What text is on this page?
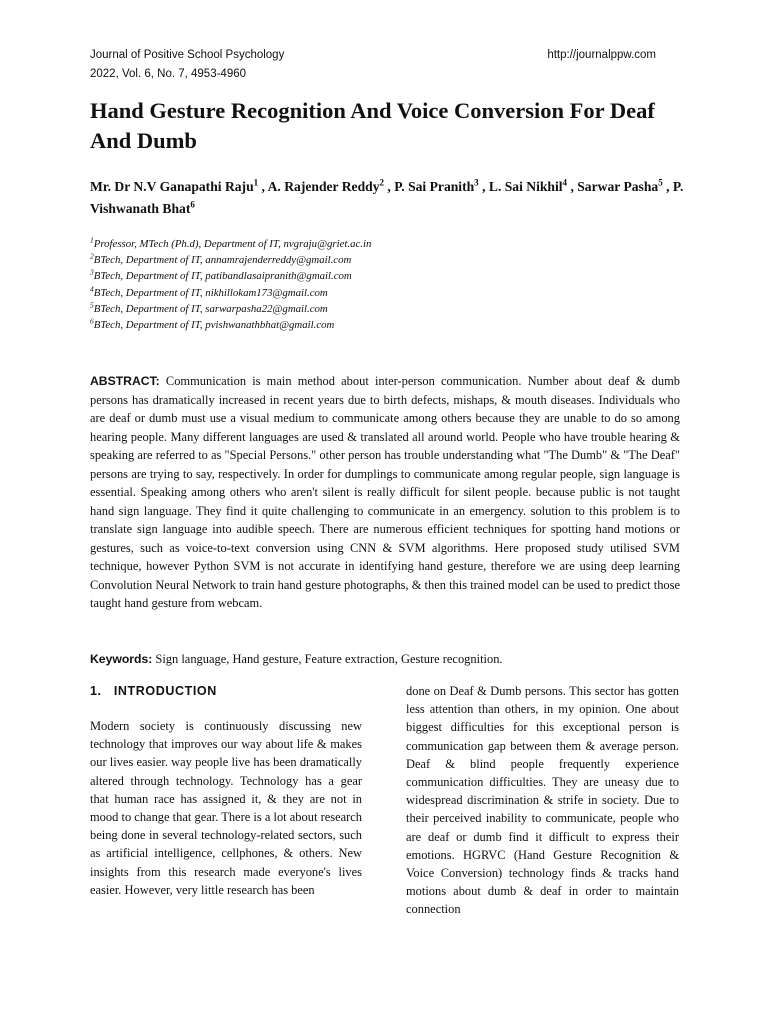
Journal of Positive School Psychology
2022, Vol. 6, No. 7, 4953-4960
http://journalppw.com
Hand Gesture Recognition And Voice Conversion For Deaf And Dumb

Mr. Dr N.V Ganapathi Raju$^1$ , A. Rajender Reddy$^2$ , P. Sai Pranith$^3$ , L. Sai Nikhil$^4$ , Sarwar Pasha$^5$ , P. Vishwanath Bhat$^6$

$^1$Professor, MTech (Ph.d), Department of IT, nvgraju@griet.ac.in
$^2$BTech, Department of IT, annamrajenderreddy@gmail.com
$^3$BTech, Department of IT, patibandlasaipranith@gmail.com
$^4$BTech, Department of IT, nikhillokam173@gmail.com
$^5$BTech, Department of IT, sarwarpasha22@gmail.com
$^6$BTech, Department of IT, pvishwanathbhat@gmail.com

ABSTRACT: Communication is main method about inter-person communication. Number about deaf & dumb persons has dramatically increased in recent years due to birth defects, mishaps, & mouth diseases. Individuals who are deaf or dumb must use a visual medium to communicate among others because they are unable to do so among hearing people. Many different languages are used & translated all around world. People who have trouble hearing & speaking are referred to as "Special Persons." other person has trouble understanding what "The Dumb" & "The Deaf" persons are trying to say, respectively. In order for dumplings to communicate among regular people, sign language is essential. Speaking among others who aren't silent is really difficult for silent people. because public is not taught hand sign language. They find it quite challenging to communicate in an emergency. solution to this problem is to translate sign language into audible speech. There are numerous efficient techniques for spotting hand motions or gestures, such as voice-to-text conversion using CNN & SVM algorithms. Here proposed study utilised SVM technique, however Python SVM is not accurate in identifying hand gesture, therefore we are using deep learning Convolution Neural Network to train hand gesture photographs, & then this trained model can be used to predict those taught hand gesture from webcam.

Keywords: Sign language, Hand gesture, Feature extraction, Gesture recognition.

1.   INTRODUCTION

Modern society is continuously discussing new technology that improves our way about life & makes our lives easier. way people live has been dramatically altered through technology. Technology has a gear that human race has assigned it, & they are not in mood to change that gear. There is a lot about research being done in several technology-related sectors, such as artificial intelligence, cellphones, & others. New insights from this research made everyone's lives easier. However, very little research has been

done on Deaf & Dumb persons. This sector has gotten less attention than others, in my opinion. One about biggest difficulties for this exceptional person is communication gap between them & average person. Deaf & blind people frequently experience communication difficulties. They are uneasy due to widespread discrimination & strife in society. Due to their perceived inability to communicate, people who are deaf or dumb find it difficult to express their emotions. HGRVC (Hand Gesture Recognition & Voice Conversion) technology finds & tracks hand motions about dumb & deaf in order to maintain connection
